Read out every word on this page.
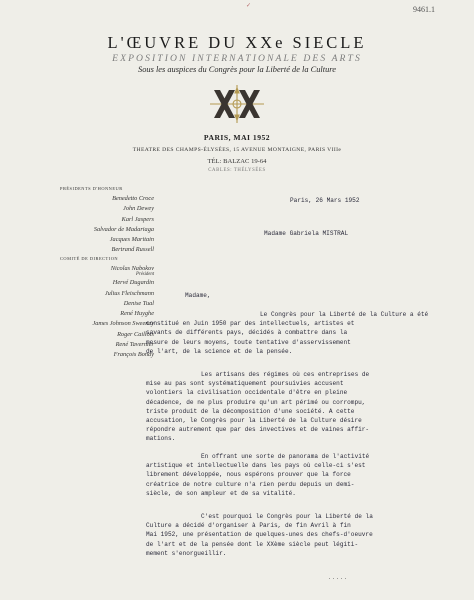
✓	9461.1
L'ŒUVRE DU XXe SIECLE
EXPOSITION INTERNATIONALE DES ARTS
Sous les auspices du Congrès pour la Liberté de la Culture
PARIS, MAI 1952
THEATRE DES CHAMPS-ÉLYSÉES, 15 AVENUE MONTAIGNE, PARIS VIIIe
TÉL: BALZAC 19-64
CABLES: THÉLYSÉES
PRÉSIDENTS D'HONNEUR
Benedetto Croce
John Dewey
Karl Jaspers
Salvador de Madariaga
Jacques Maritain
Bertrand Russell
COMITÉ DE DIRECTION
Nicolas Nabokov
Président
Hervé Dugardin
Julius Fleischmann
Denise Tual
René Huyghe
James Johnson Sweeney
Roger Caillois
René Tavernier
François Bondy
Paris, 26 Mars 1952
Madame Gabriela MISTRAL
Madame,
Le Congrès pour la Liberté de la Culture a été
constitué en Juin 1950 par des intellectuels, artistes et
savants de différents pays, décidés à combattre dans la
mesure de leurs moyens, toute tentative d'asservissement
de l'art, de la science et de la pensée.
Les artisans des régimes où ces entreprises de
mise au pas sont systématiquement poursuivies accusent
volontiers la civilisation occidentale d'être en pleine
décadence, de ne plus produire qu'un art périmé ou corrompu,
triste produit de la décomposition d'une société. A cette
accusation, le Congrès pour la Liberté de la Culture désire
répondre autrement que par des invectives et de vaines affir-
mations.
En offrant une sorte de panorama de l'activité
artistique et intellectuelle dans les pays où celle-ci s'est
librement développée, nous espérons prouver que la force
créatrice de notre culture n'a rien perdu depuis un demi-
siècle, de son ampleur et de sa vitalité.
C'est pourquoi le Congrès pour la Liberté de la
Culture a décidé d'organiser à Paris, de fin Avril à fin
Mai 1952, une présentation de quelques-unes des chefs-d'oeuvre
de l'art et de la pensée dont le XXème siècle peut légiti-
mement s'enorgueillir.
.....
